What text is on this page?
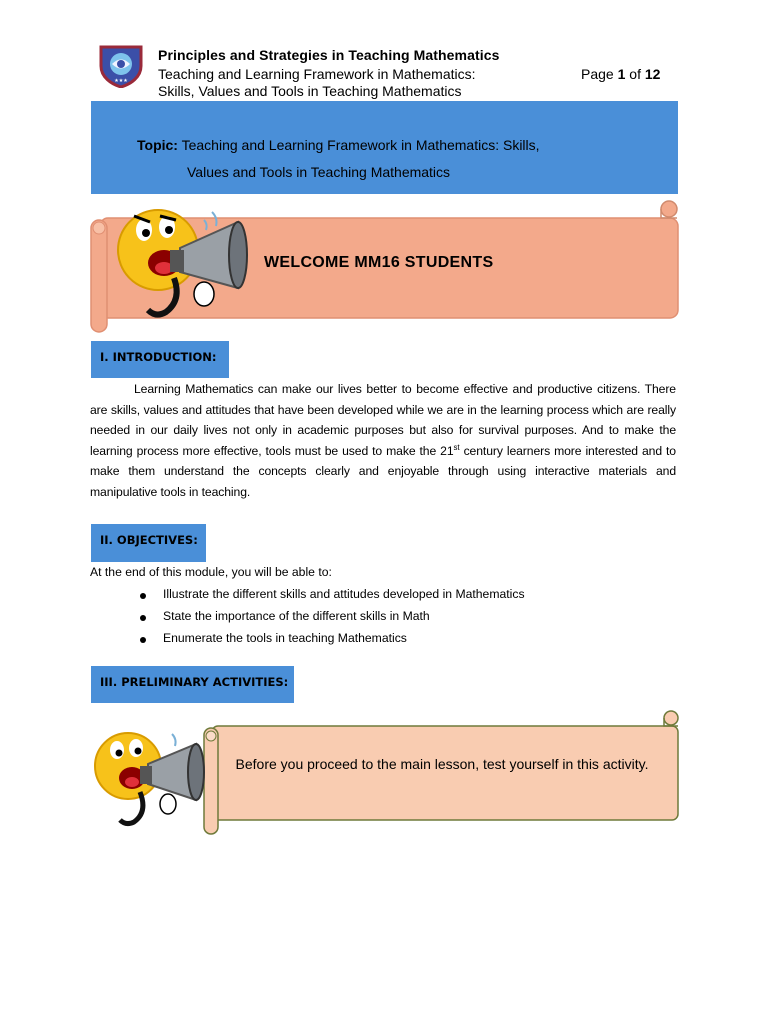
★★★
Principles and Strategies in Teaching Mathematics
Teaching and Learning Framework in Mathematics:
Skills, Values and Tools in Teaching Mathematics
Page 1 of 12
Topic: Teaching and Learning Framework in Mathematics: Skills,
Values and Tools in Teaching Mathematics
WELCOME MM16 STUDENTS
I. INTRODUCTION:
Learning Mathematics can make our lives better to become effective and productive citizens. There are skills, values and attitudes that have been developed while we are in the learning process which are really needed in our daily lives not only in academic purposes but also for survival purposes. And to make the learning process more effective, tools must be used to make the 21st century learners more interested and to make them understand the concepts clearly and enjoyable through using interactive materials and manipulative tools in teaching.
II. OBJECTIVES:
At the end of this module, you will be able to:
Illustrate the different skills and attitudes developed in Mathematics
State the importance of the different skills in Math
Enumerate the tools in teaching Mathematics
III. PRELIMINARY ACTIVITIES:
Before you proceed to the main lesson, test yourself in this activity.
